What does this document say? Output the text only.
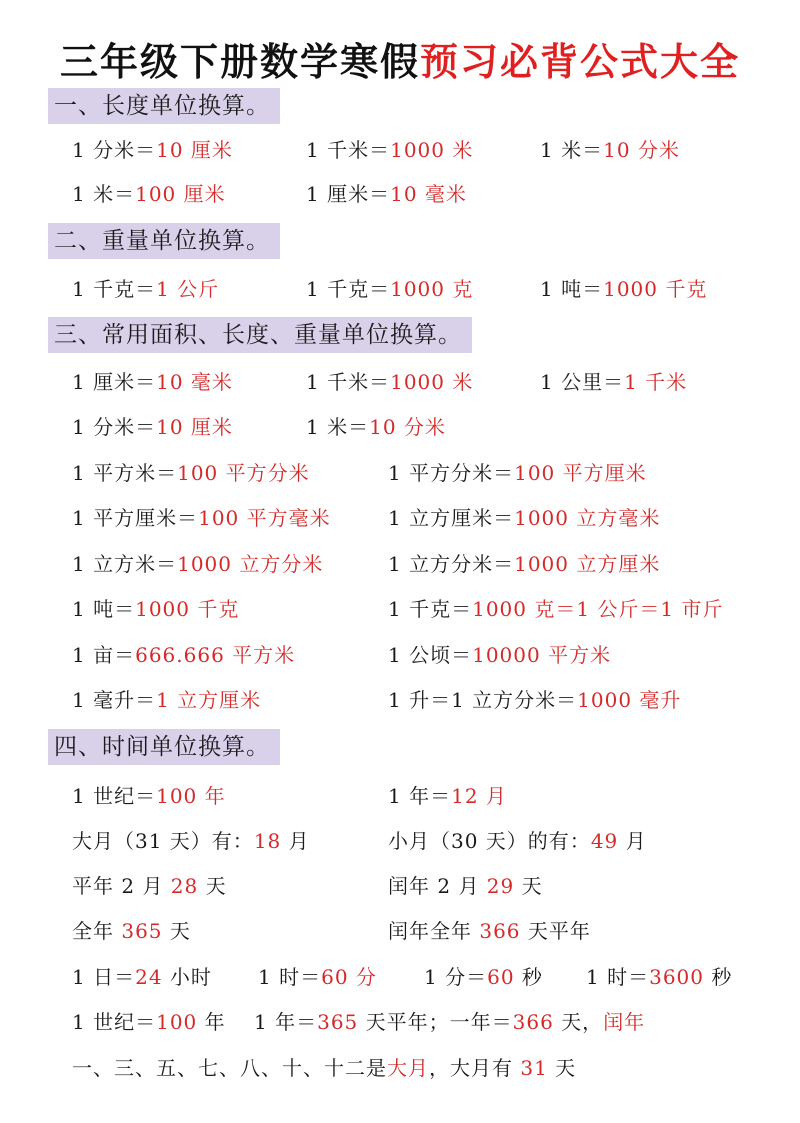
三年级下册数学寒假预习必背公式大全
一、长度单位换算。
1 分米＝10 厘米	1 千米＝1000 米	1 米＝10 分米
1 米＝100 厘米	1 厘米＝10 毫米
二、重量单位换算。
1 千克＝1 公斤	1 千克＝1000 克	1 吨＝1000 千克
三、常用面积、长度、重量单位换算。
1 厘米＝10 毫米	1 千米＝1000 米	1 公里＝1 千米
1 分米＝10 厘米	1 米＝10 分米
1 平方米＝100 平方分米	1 平方分米＝100 平方厘米
1 平方厘米＝100 平方毫米	1 立方厘米＝1000 立方毫米
1 立方米＝1000 立方分米	1 立方分米＝1000 立方厘米
1 吨＝1000 千克	1 千克＝1000 克＝1 公斤＝1 市斤
1 亩＝666.666 平方米	1 公顷＝10000 平方米
1 毫升＝1 立方厘米	1 升＝1 立方分米＝1000 毫升
四、时间单位换算。
1 世纪＝100 年	1 年＝12 月
大月（31 天）有：18 月	小月（30 天）的有：49 月
平年 2 月 28 天	闰年 2 月 29 天
全年 365 天	闰年全年 366 天平年
1 日＝24 小时 1 时＝60 分 1 分＝60 秒 1 时＝3600 秒
1 世纪＝100 年 1 年＝365 天平年；一年＝366 天，闰年
一、三、五、七、八、十、十二是大月，大月有 31 天
